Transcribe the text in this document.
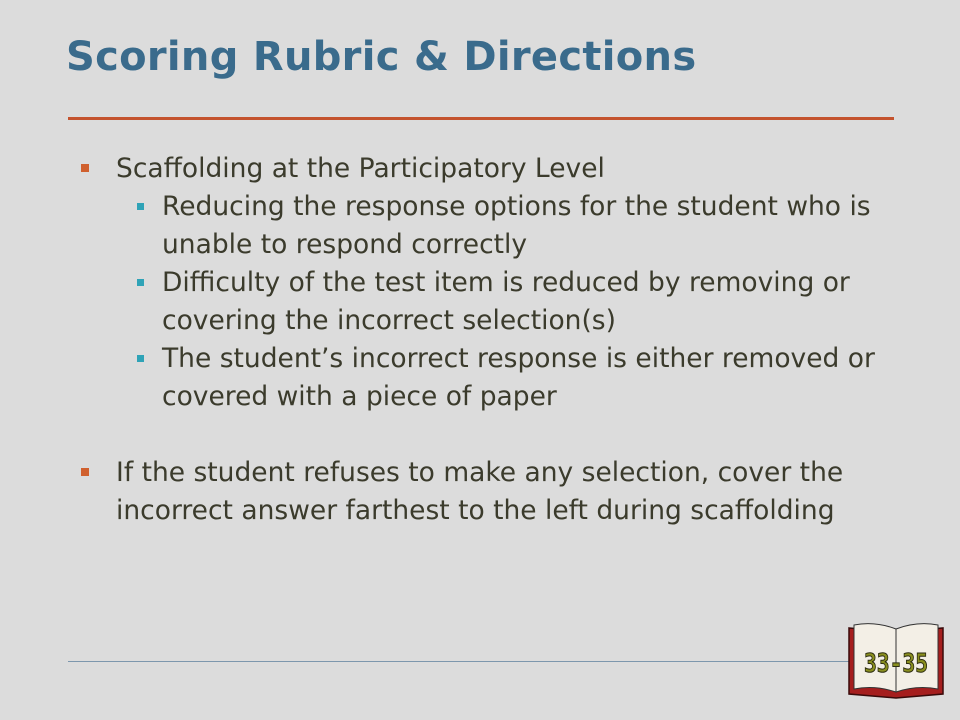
Scoring Rubric & Directions
Scaffolding at the Participatory Level
Reducing the response options for the student who is unable to respond correctly
Difficulty of the test item is reduced by removing or covering the incorrect selection(s)
The student’s incorrect response is either removed or covered with a piece of paper
If the student refuses to make any selection, cover the incorrect answer farthest to the left during scaffolding
33-35
